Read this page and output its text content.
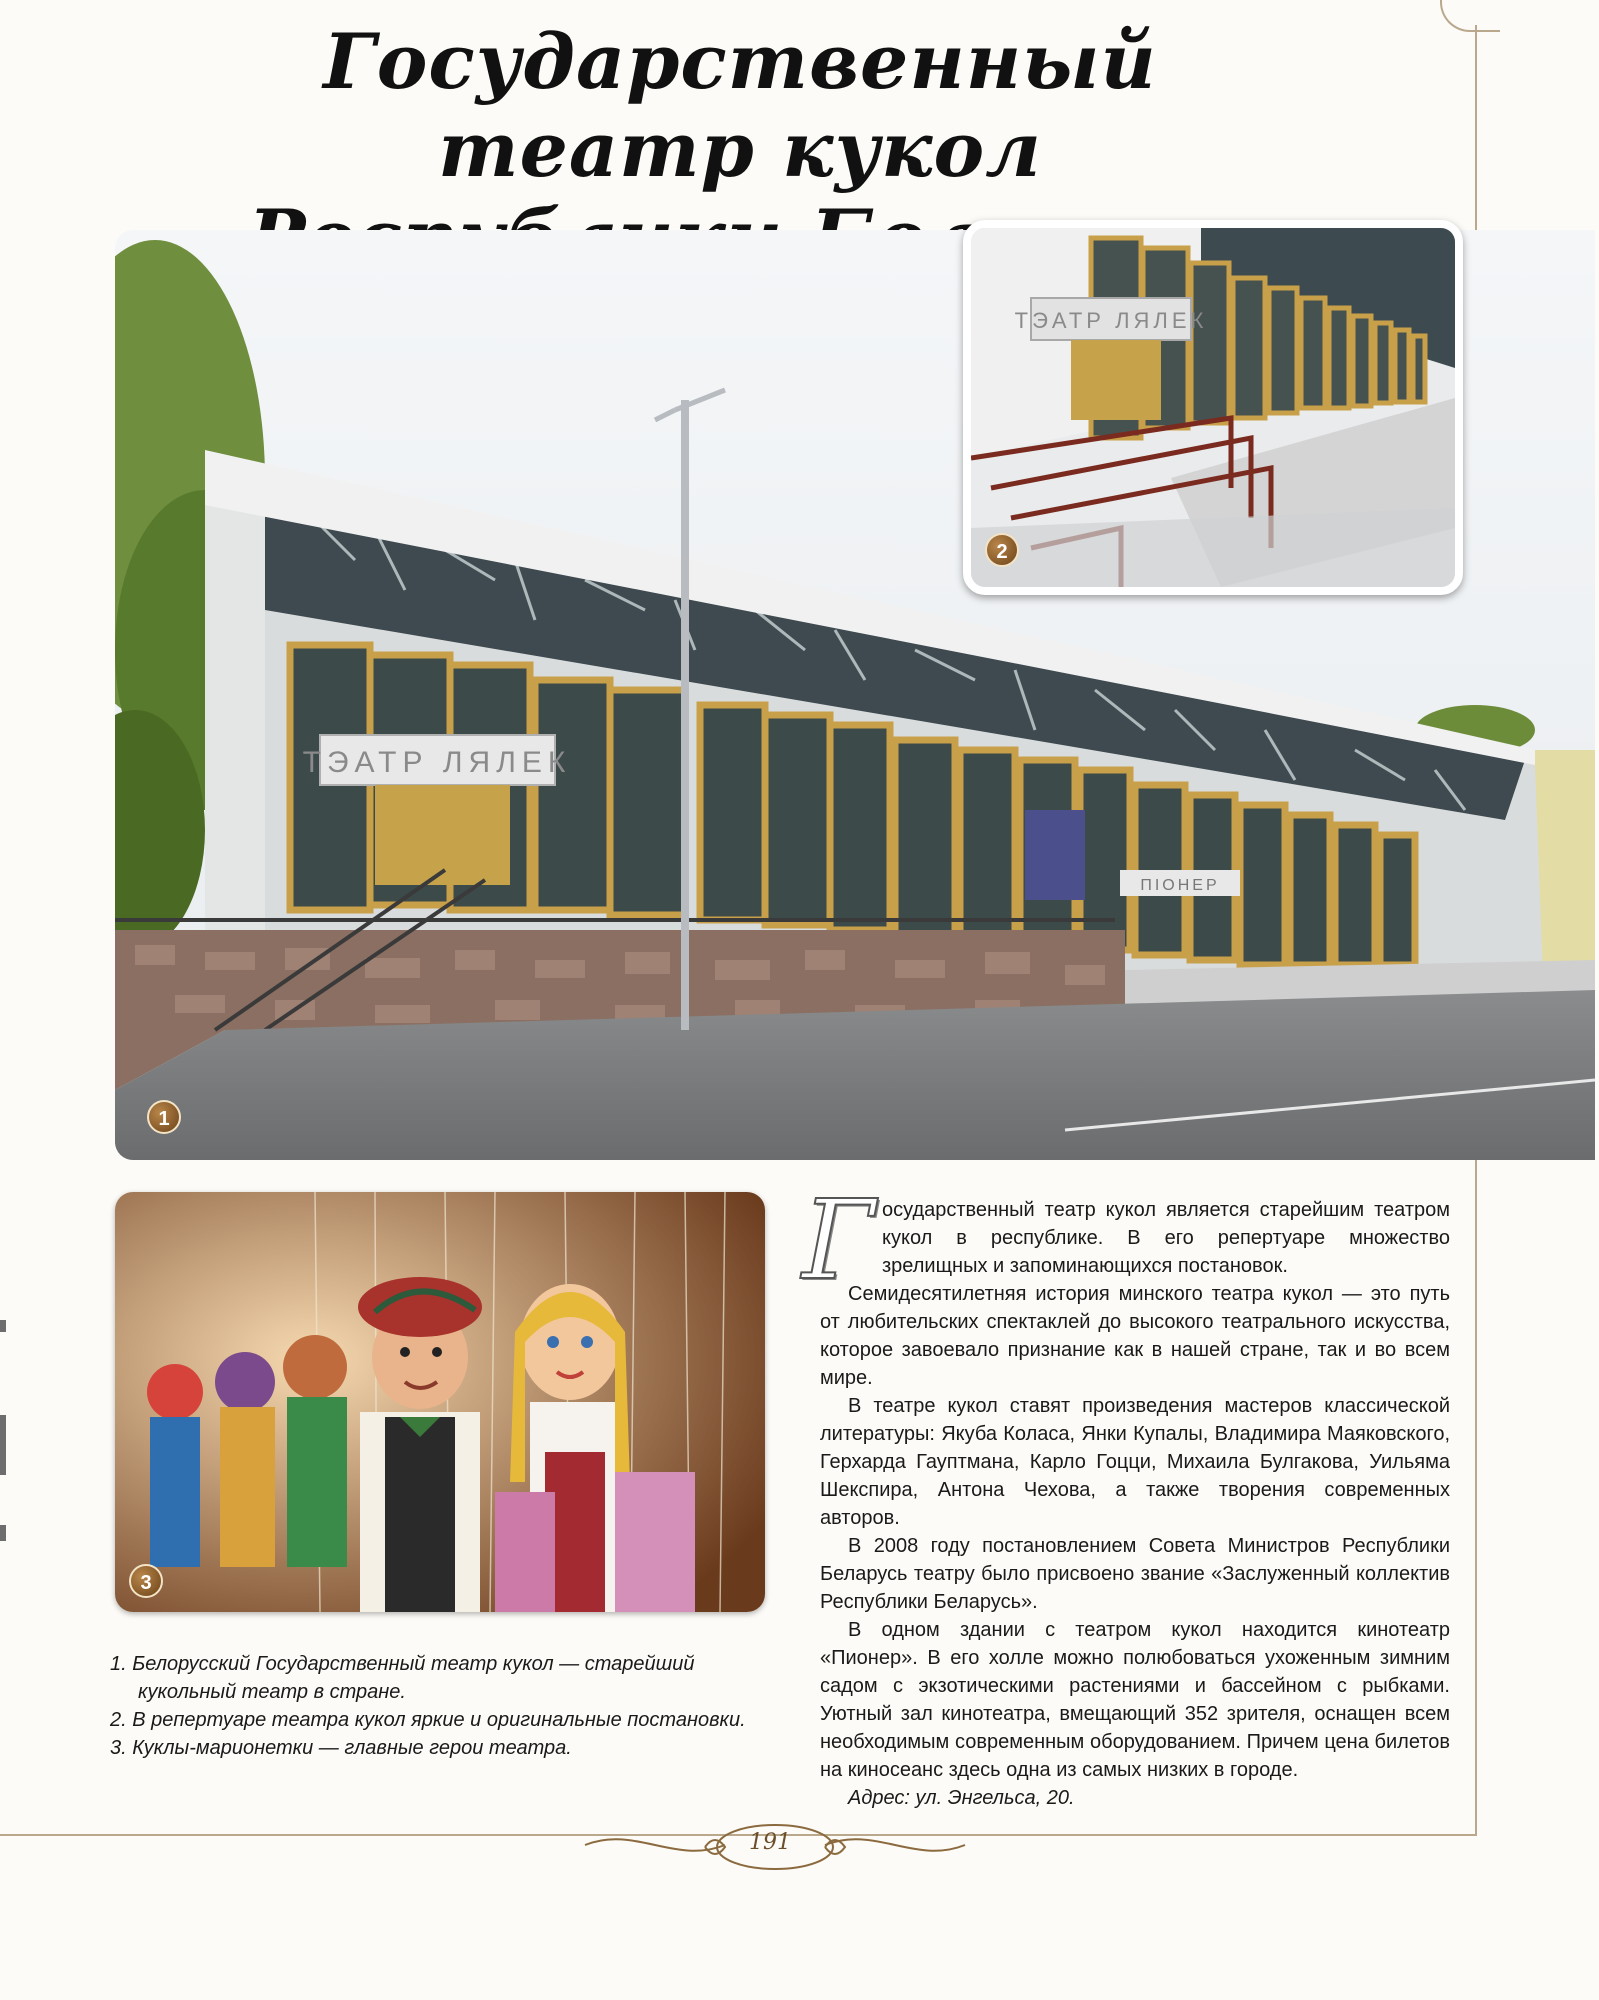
Государственный театр кукол
ТЭАТР ЛЯЛЕК
ПІОНЕР
1
ТЭАТР ЛЯЛЕК
2
3
1. Белорусский Государственный театр кукол — старейший кукольный театр в стране.
2. В репертуаре театра кукол яркие и оригинальные постановки.
3. Куклы-марионетки — главные герои театра.

Государственный театр кукол является старейшим театром кукол в республике. В его репертуаре множество зрелищных и запоминающихся постановок.

Семидесятилетняя история минского театра кукол — это путь от любительских спектаклей до высокого театрального искусства, которое завоевало признание как в нашей стране, так и во всем мире.

В театре кукол ставят произведения мастеров классической литературы: Якуба Коласа, Янки Купалы, Владимира Маяковского, Герхарда Гауптмана, Карло Гоцци, Михаила Булгакова, Уильяма Шекспира, Антона Чехова, а также творения современных авторов.

В 2008 году постановлением Совета Министров Республики Беларусь театру было присвоено звание «Заслуженный коллектив Республики Беларусь».

В одном здании с театром кукол находится кинотеатр «Пионер». В его холле можно полюбоваться ухоженным зимним садом с экзотическими растениями и бассейном с рыбками. Уютный зал кинотеатра, вмещающий 352 зрителя, оснащен всем необходимым современным оборудованием. Причем цена билетов на киносеанс здесь одна из самых низких в городе.

Адрес: ул. Энгельса, 20.

191
